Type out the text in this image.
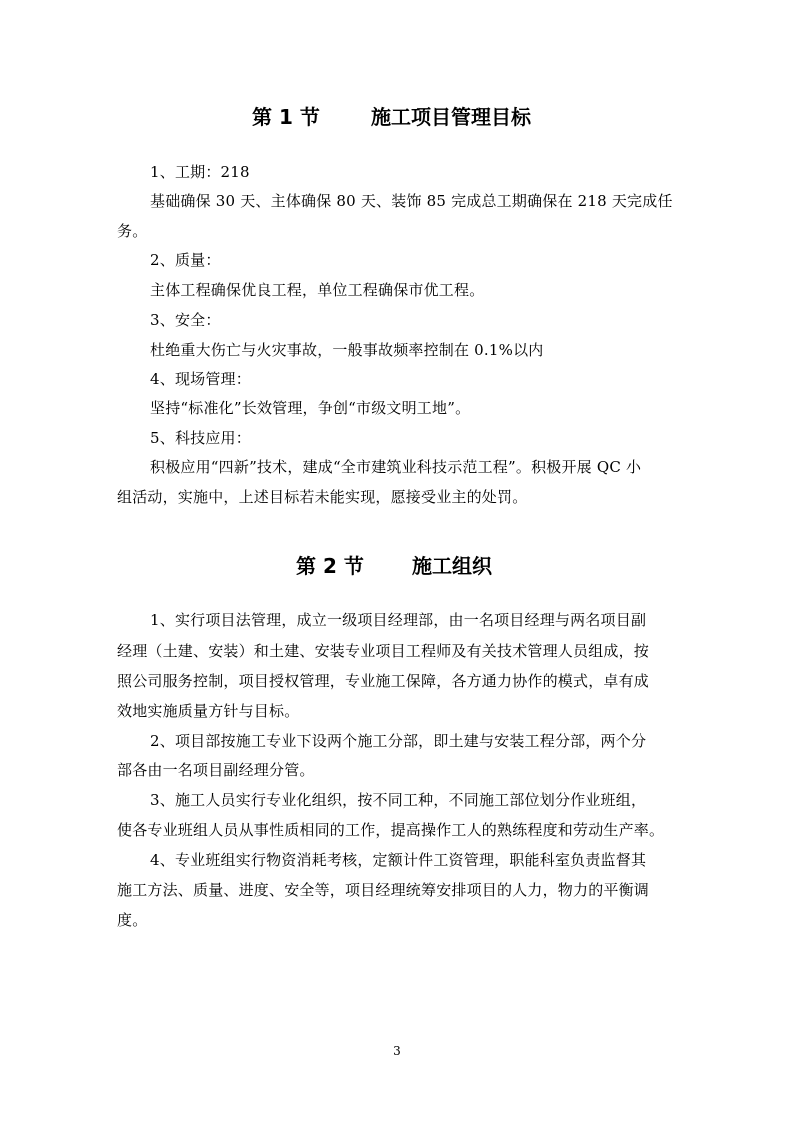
第 1 节	施工项目管理目标
1、工期：218
基础确保 30 天、主体确保 80 天、装饰 85 完成总工期确保在 218 天完成任
务。
2、质量：
主体工程确保优良工程，单位工程确保市优工程。
3、安全：
杜绝重大伤亡与火灾事故，一般事故频率控制在 0.1%以内
4、现场管理：
坚持“标准化”长效管理，争创“市级文明工地”。
5、科技应用：
积极应用“四新”技术，建成“全市建筑业科技示范工程”。积极开展 QC 小
组活动，实施中，上述目标若未能实现，愿接受业主的处罚。
第 2 节 施工组织
1、实行项目法管理，成立一级项目经理部，由一名项目经理与两名项目副
经理（土建、安装）和土建、安装专业项目工程师及有关技术管理人员组成，按
照公司服务控制，项目授权管理，专业施工保障，各方通力协作的模式，卓有成
效地实施质量方针与目标。
2、项目部按施工专业下设两个施工分部，即土建与安装工程分部，两个分
部各由一名项目副经理分管。
3、施工人员实行专业化组织，按不同工种，不同施工部位划分作业班组，
使各专业班组人员从事性质相同的工作，提高操作工人的熟练程度和劳动生产率。
4、专业班组实行物资消耗考核，定额计件工资管理，职能科室负责监督其
施工方法、质量、进度、安全等，项目经理统筹安排项目的人力，物力的平衡调
度。
3
